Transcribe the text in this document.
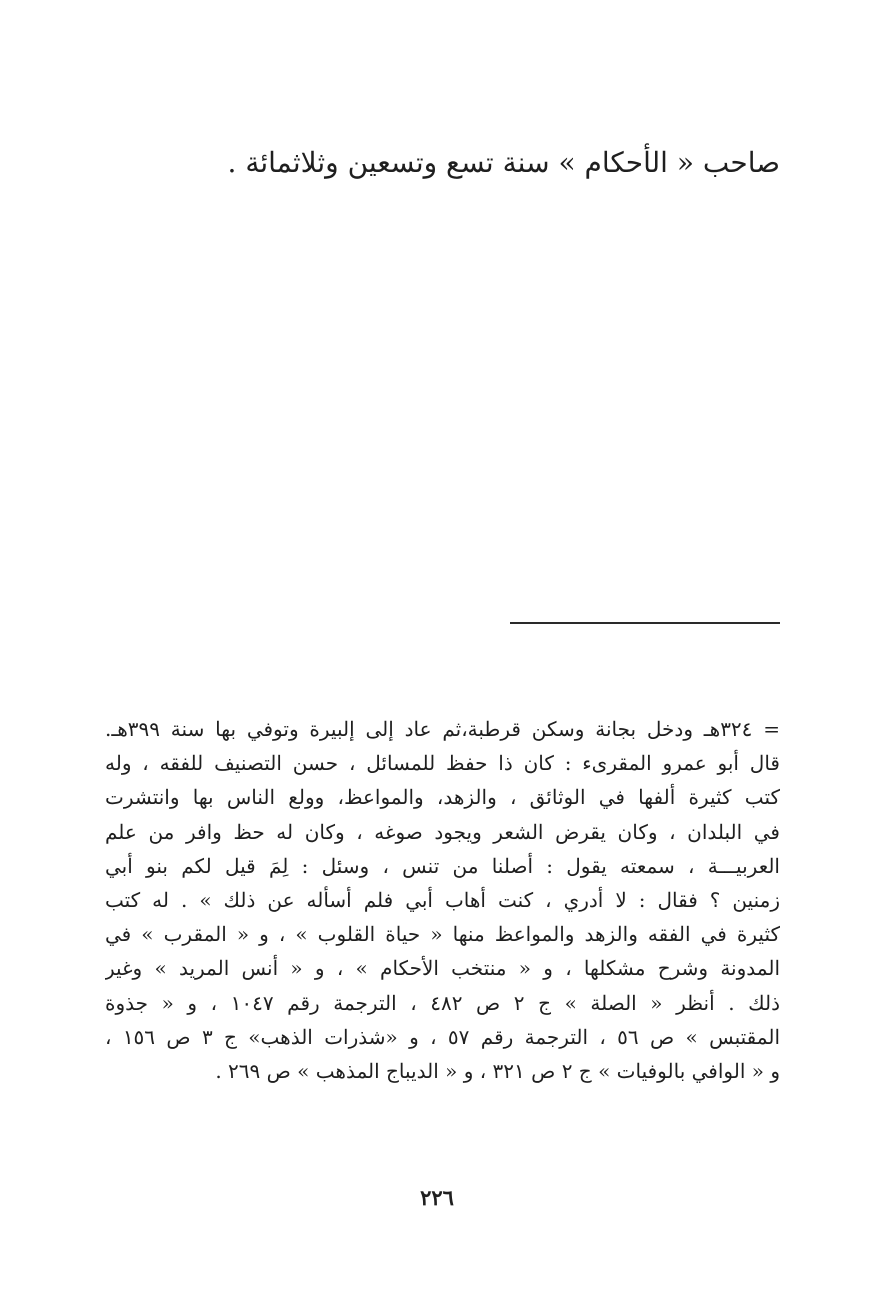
صاحب « الأحكام » سنة تسع وتسعين وثلاثمائة .
= ٣٢٤هـ ودخل بجانة وسكن قرطبة،ثم عاد إلى إلبيرة وتوفي بها سنة ٣٩٩هـ.
قال أبو عمرو المقرىء : كان ذا حفظ للمسائل ، حسن التصنيف للفقه ، وله
كتب كثيرة ألفها في الوثائق ، والزهد، والمواعظ، وولع الناس بها وانتشرت
في البلدان ، وكان يقرض الشعر ويجود صوغه ، وكان له حظ وافر من علم
العربيـــة ، سمعته يقول : أصلنا من تنس ، وسئل : لِمَ قيل لكم بنو أبي
زمنين ؟ فقال : لا أدري ، كنت أهاب أبي فلم أسأله عن ذلك » . له كتب
كثيرة في الفقه والزهد والمواعظ منها « حياة القلوب » ، و « المقرب » في
المدونة وشرح مشكلها ، و « منتخب الأحكام » ، و « أنس المريد » وغير
ذلك . أنظر « الصلة » ج ٢ ص ٤٨٢ ، الترجمة رقم ١٠٤٧ ، و « جذوة
المقتبس » ص ٥٦ ، الترجمة رقم ٥٧ ، و «شذرات الذهب» ج ٣ ص ١٥٦ ،
و « الوافي بالوفيات » ج ٢ ص ٣٢١ ، و « الديباج المذهب » ص ٢٦٩ .
٢٢٦
